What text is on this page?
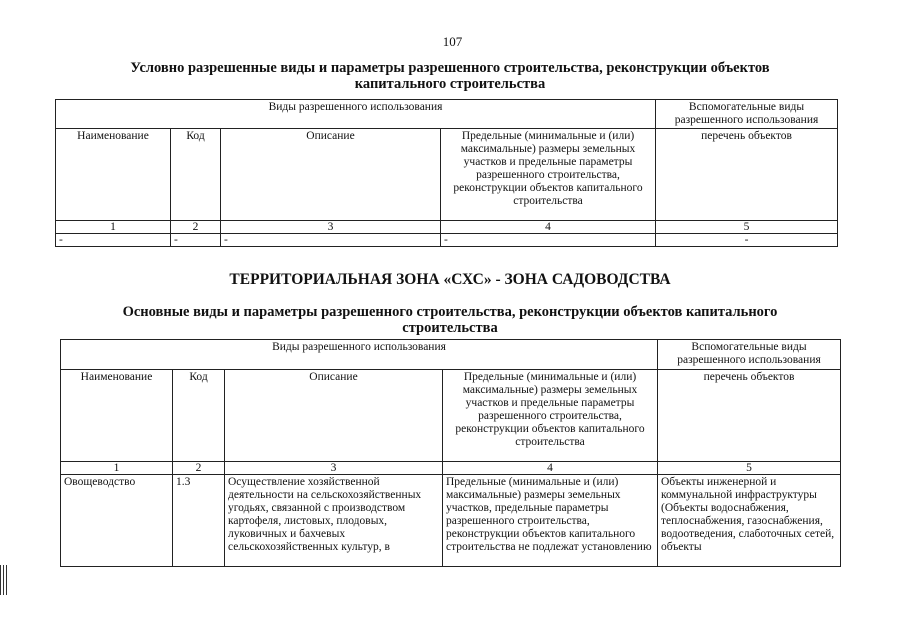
107
Условно разрешенные виды и параметры разрешенного строительства, реконструкции объектов
капитального строительства
Виды разрешенного использования				Вспомогательные виды разрешенного использования
Наименование	Код	Описание	Предельные (минимальные и (или) максимальные) размеры земельных участков и предельные параметры разрешенного строительства, реконструкции объектов капитального строительства	перечень объектов
1	2	3	4	5
-	-	-	-	-
ТЕРРИТОРИАЛЬНАЯ ЗОНА «СХС» - ЗОНА САДОВОДСТВА
Основные виды и параметры разрешенного строительства, реконструкции объектов капитального
строительства
Виды разрешенного использования				Вспомогательные виды разрешенного использования
Наименование	Код	Описание	Предельные (минимальные и (или) максимальные) размеры земельных участков и предельные параметры разрешенного строительства, реконструкции объектов капитального строительства	перечень объектов
1	2	3	4	5
Овощеводство	1.3	Осуществление хозяйственной деятельности на сельскохозяйственных угодьях, связанной с производством картофеля, листовых, плодовых, луковичных и бахчевых сельскохозяйственных культур, в	Предельные (минимальные и (или) максимальные) размеры земельных участков, предельные параметры разрешенного строительства, реконструкции объектов капитального строительства не подлежат установлению	Объекты инженерной и коммунальной инфраструктуры (Объекты водоснабжения, теплоснабжения, газоснабжения, водоотведения, слаботочных сетей, объекты
